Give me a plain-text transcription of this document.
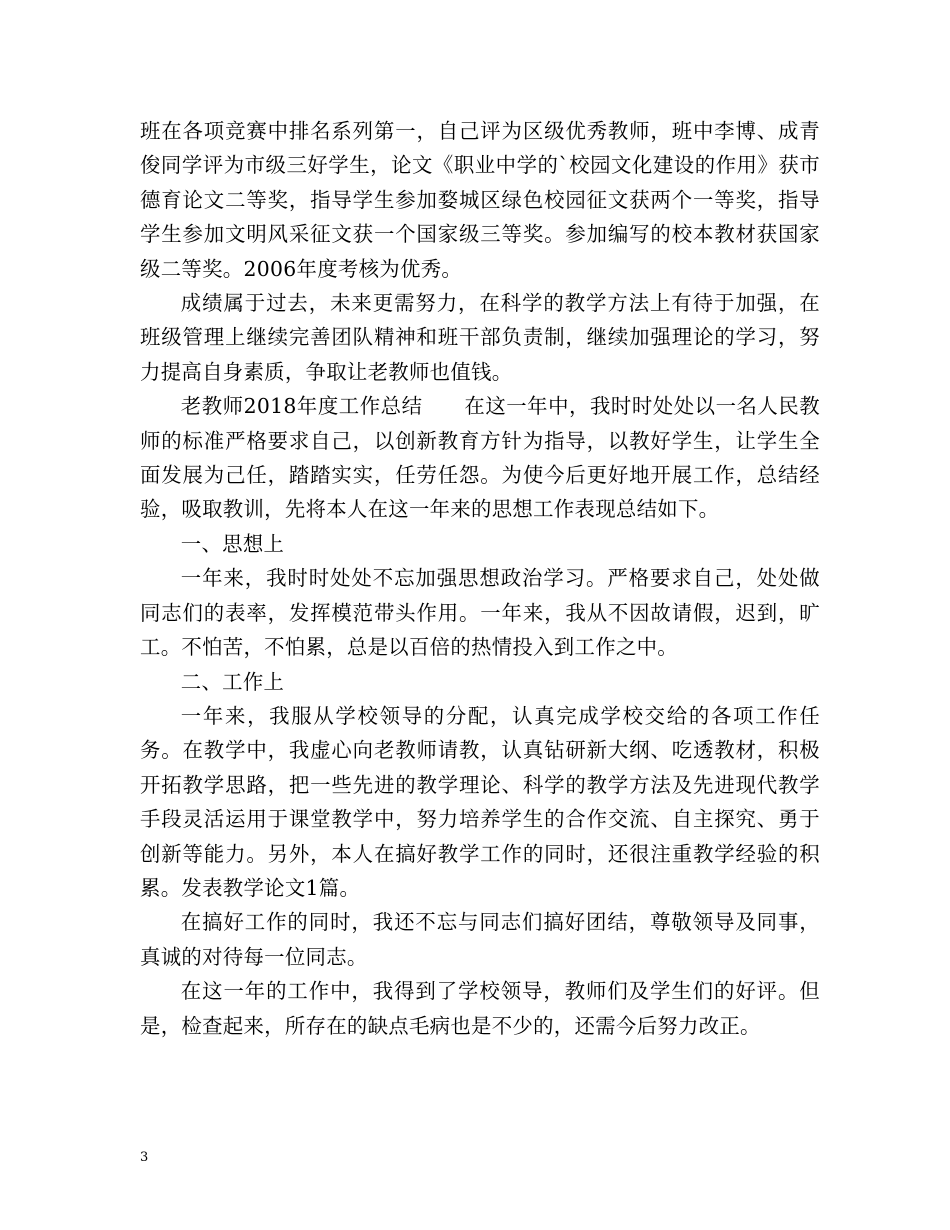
班在各项竞赛中排名系列第一，自己评为区级优秀教师，班中李博、成青俊同学评为市级三好学生，论文《职业中学的`校园文化建设的作用》获市德育论文二等奖，指导学生参加婺城区绿色校园征文获两个一等奖，指导学生参加文明风采征文获一个国家级三等奖。参加编写的校本教材获国家级二等奖。2006年度考核为优秀。

成绩属于过去，未来更需努力，在科学的教学方法上有待于加强，在班级管理上继续完善团队精神和班干部负责制，继续加强理论的学习，努力提高自身素质，争取让老教师也值钱。

老教师2018年度工作总结　　在这一年中，我时时处处以一名人民教师的标准严格要求自己，以创新教育方针为指导，以教好学生，让学生全面发展为己任，踏踏实实，任劳任怨。为使今后更好地开展工作，总结经验，吸取教训，先将本人在这一年来的思想工作表现总结如下。

一、思想上

一年来，我时时处处不忘加强思想政治学习。严格要求自己，处处做同志们的表率，发挥模范带头作用。一年来，我从不因故请假，迟到，旷工。不怕苦，不怕累，总是以百倍的热情投入到工作之中。

二、工作上

一年来，我服从学校领导的分配，认真完成学校交给的各项工作任务。在教学中，我虚心向老教师请教，认真钻研新大纲、吃透教材，积极开拓教学思路，把一些先进的教学理论、科学的教学方法及先进现代教学手段灵活运用于课堂教学中，努力培养学生的合作交流、自主探究、勇于创新等能力。另外，本人在搞好教学工作的同时，还很注重教学经验的积累。发表教学论文1篇。

在搞好工作的同时，我还不忘与同志们搞好团结，尊敬领导及同事，真诚的对待每一位同志。

在这一年的工作中，我得到了学校领导，教师们及学生们的好评。但是，检查起来，所存在的缺点毛病也是不少的，还需今后努力改正。

3
